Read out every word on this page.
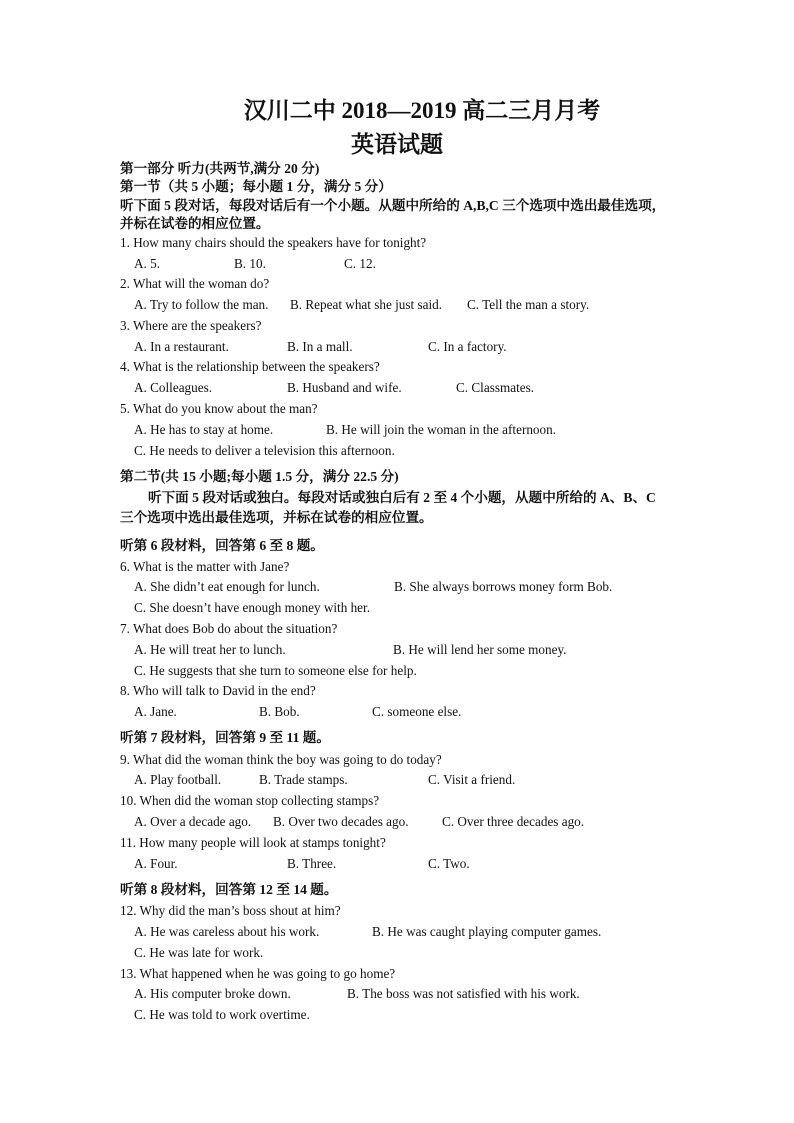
汉川二中 2018—2019 高二三月月考
英语试题
第一部分 听力(共两节,满分 20 分)
第一节（共 5 小题；每小题 1 分，满分 5 分）
听下面 5 段对话，每段对话后有一个小题。从题中所给的 A,B,C 三个选项中选出最佳选项，
并标在试卷的相应位置。
1. How many chairs should the speakers have for tonight?
A. 5.	B. 10.	C. 12.
2. What will the woman do?
A. Try to follow the man. B. Repeat what she just said. C. Tell the man a story.
3. Where are the speakers?
A. In a restaurant.	B. In a mall.	C. In a factory.
4. What is the relationship between the speakers?
A. Colleagues.	B. Husband and wife.	C. Classmates.
5. What do you know about the man?
A. He has to stay at home.	B. He will join the woman in the afternoon.
C. He needs to deliver a television this afternoon.
第二节(共 15 小题;每小题 1.5 分，满分 22.5 分)
听下面 5 段对话或独白。每段对话或独白后有 2 至 4 个小题，从题中所给的 A、B、C
三个选项中选出最佳选项，并标在试卷的相应位置。
听第 6 段材料，回答第 6 至 8 题。
6. What is the matter with Jane?
A. She didn’t eat enough for lunch.	B. She always borrows money form Bob.
C. She doesn’t have enough money with her.
7. What does Bob do about the situation?
A. He will treat her to lunch.	B. He will lend her some money.
C. He suggests that she turn to someone else for help.
8. Who will talk to David in the end?
A. Jane.	B. Bob.	C. someone else.
听第 7 段材料，回答第 9 至 11 题。
9. What did the woman think the boy was going to do today?
A. Play football.	B. Trade stamps.	C. Visit a friend.
10. When did the woman stop collecting stamps?
A. Over a decade ago. B. Over two decades ago.	C. Over three decades ago.
11. How many people will look at stamps tonight?
A. Four.	B. Three.	C. Two.
听第 8 段材料，回答第 12 至 14 题。
12. Why did the man’s boss shout at him?
A. He was careless about his work.	B. He was caught playing computer games.
C. He was late for work.
13. What happened when he was going to go home?
A. His computer broke down.	B. The boss was not satisfied with his work.
C. He was told to work overtime.
